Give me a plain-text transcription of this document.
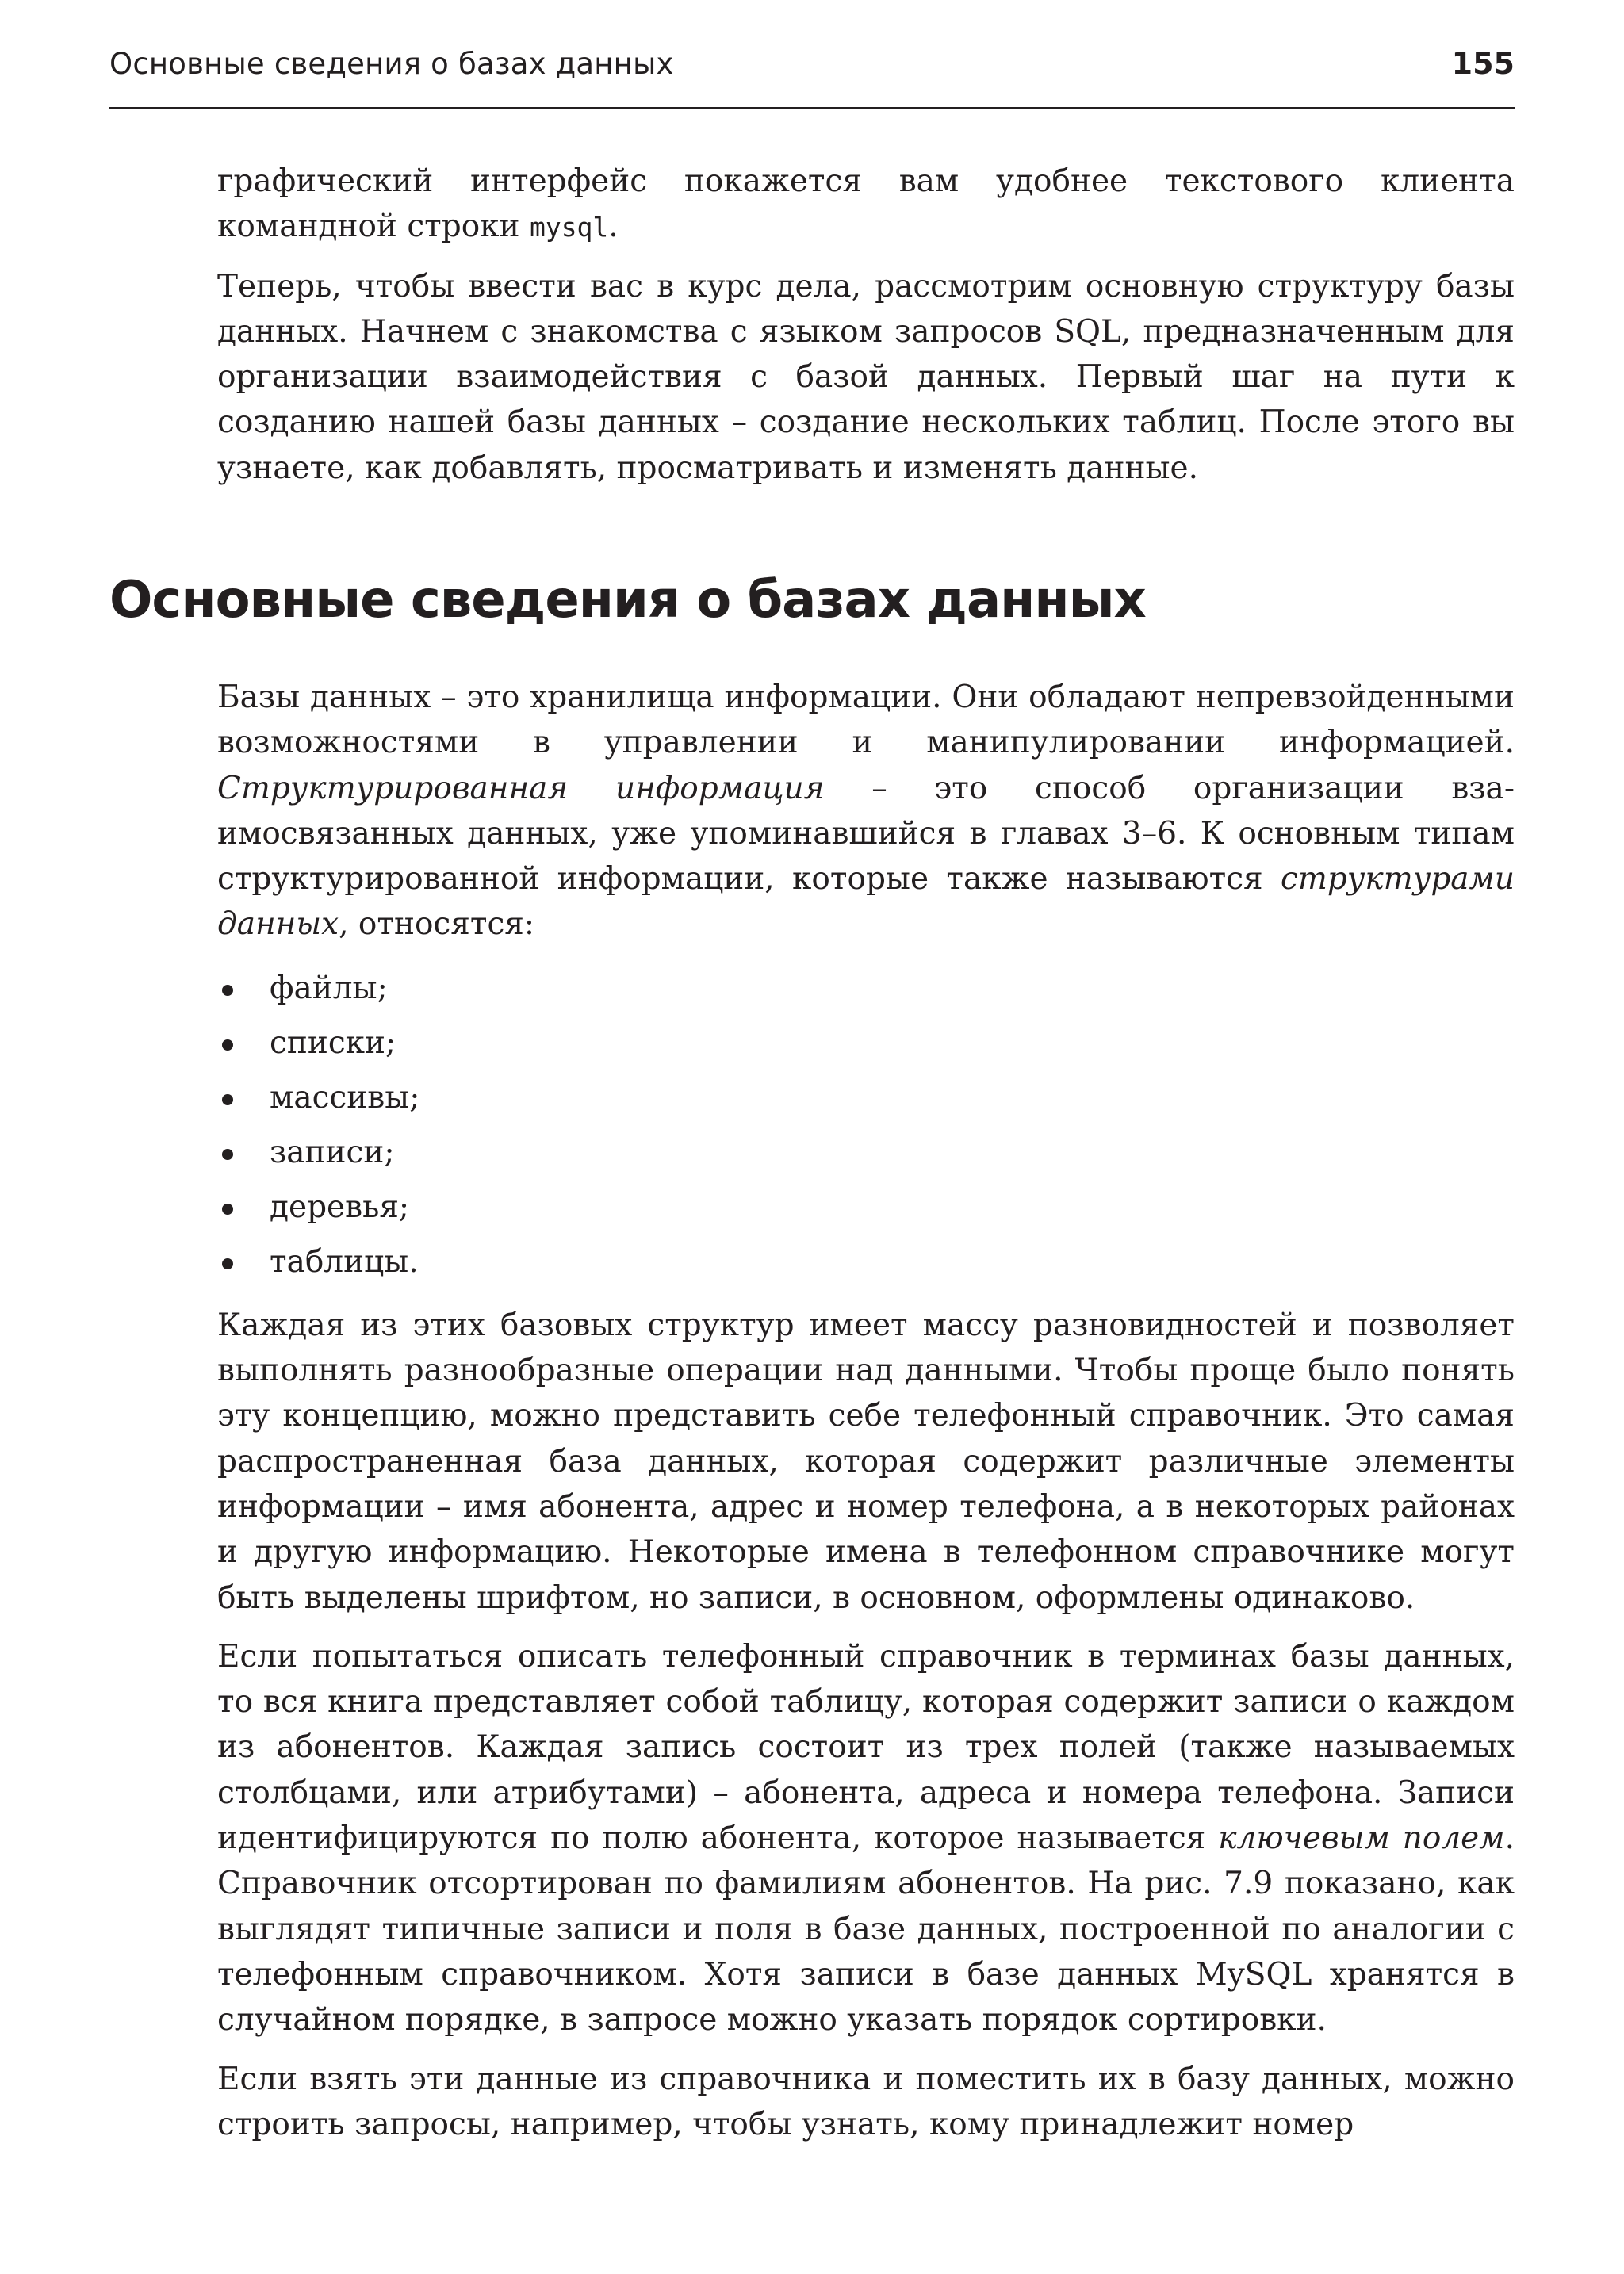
Основные сведения о базах данных	155

графический интерфейс покажется вам удобнее текстового клиента командной строки mysql.

Теперь, чтобы ввести вас в курс дела, рассмотрим основную структуру базы данных. Начнем с знакомства с языком запросов SQL, предназначенным для организации взаимодействия с базой данных. Первый шаг на пути к созданию нашей базы данных – создание нескольких таблиц. После этого вы узнаете, как добавлять, просматривать и изменять данные.

Основные сведения о базах данных

Базы данных – это хранилища информации. Они обладают непревзойденными возможностями в управлении и манипулировании информацией. Структурированная информация – это способ организации взаимосвязанных данных, уже упоминавшийся в главах 3–6. К основным типам структурированной информации, которые также называются структурами данных, относятся:

файлы;
списки;
массивы;
записи;
деревья;
таблицы.

Каждая из этих базовых структур имеет массу разновидностей и позволяет выполнять разнообразные операции над данными. Чтобы проще было понять эту концепцию, можно представить себе телефонный справочник. Это самая распространенная база данных, которая содержит различные элементы информации – имя абонента, адрес и номер телефона, а в некоторых районах и другую информацию. Некоторые имена в телефонном справочнике могут быть выделены шрифтом, но записи, в основном, оформлены одинаково.

Если попытаться описать телефонный справочник в терминах базы данных, то вся книга представляет собой таблицу, которая содержит записи о каждом из абонентов. Каждая запись состоит из трех полей (также называемых столбцами, или атрибутами) – абонента, адреса и номера телефона. Записи идентифицируются по полю абонента, которое называется ключевым полем. Справочник отсортирован по фамилиям абонентов. На рис. 7.9 показано, как выглядят типичные записи и поля в базе данных, построенной по аналогии с телефонным справочником. Хотя записи в базе данных MySQL хранятся в случайном порядке, в запросе можно указать порядок сортировки.

Если взять эти данные из справочника и поместить их в базу данных, можно строить запросы, например, чтобы узнать, кому принадлежит номер
